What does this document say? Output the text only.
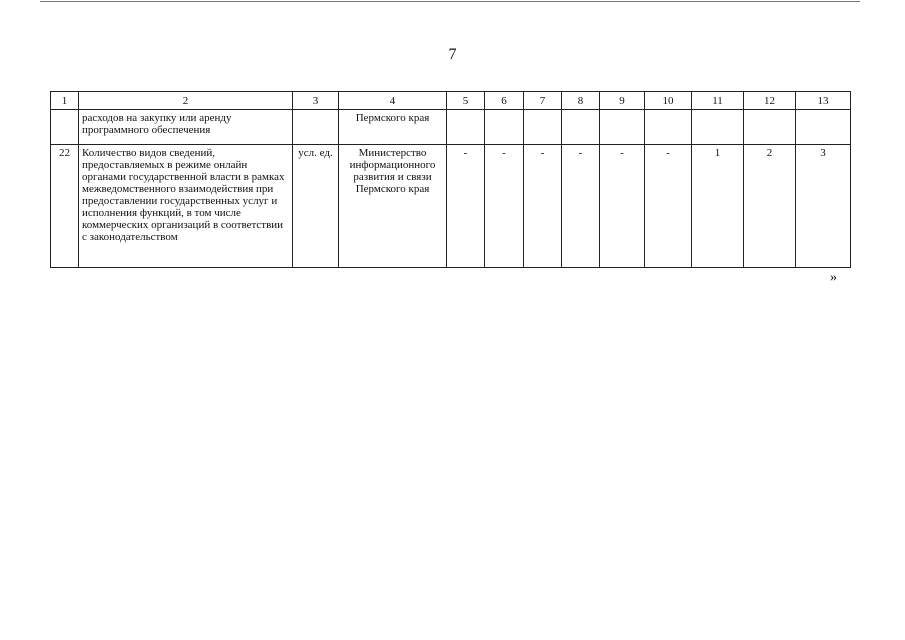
7
1	2	3	4	5	6	7	8	9	10	11	12	13
	расходов на закупку или аренду программного обеспечения		Пермского края									
22	Количество видов сведений, предоставляемых в режиме онлайн органами государственной власти в рамках межведомственного взаимодействия при предоставлении государственных услуг и исполнения функций, в том числе коммерческих организаций в соответствии с законодательством	усл. ед.	Министерство информационного развития и связи Пермского края	-	-	-	-	-	-	1	2	3
»
